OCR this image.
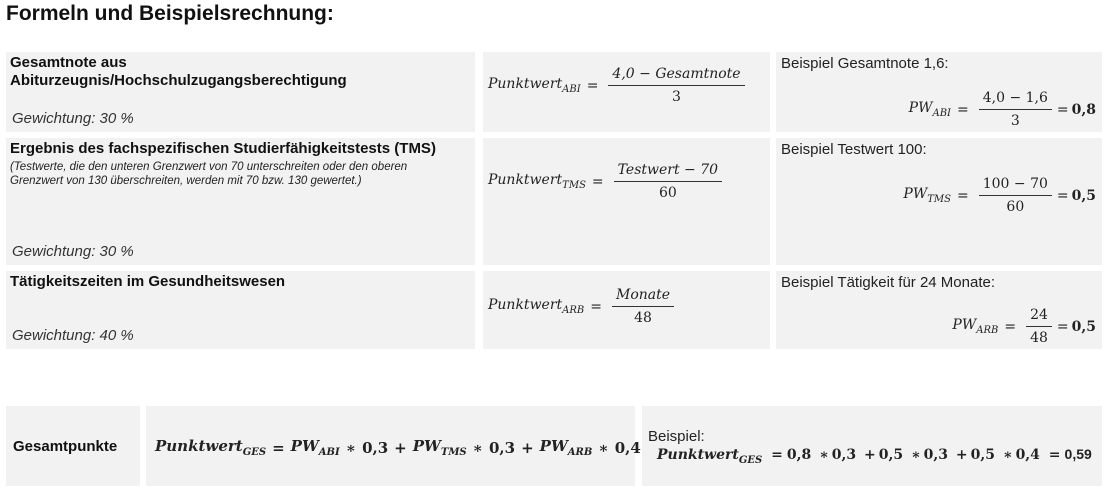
Formeln und Beispielsrechnung:
Gesamtnote aus Abiturzeugnis/Hochschulzugangsberechtigung
Gewichtung: 30 %
Punktwert$_{ABI}$ = $\frac{\text{4,0 − Gesamtnote}}{3}$
Beispiel Gesamtnote 1,6:
$PW_{ABI} = \frac{4,0 - 1,6}{3} = 0,8$
Ergebnis des fachspezifischen Studierfähigkeitstests (TMS)
(Testwerte, die den unteren Grenzwert von 70 unterschreiten oder den oberen Grenzwert von 130 überschreiten, werden mit 70 bzw. 130 gewertet.)
Gewichtung: 30 %
Punktwert$_{TMS}$ = $\frac{\text{Testwert − 70}}{60}$
Beispiel Testwert 100:
$PW_{TMS} = \frac{100 - 70}{60} = 0,5$
Tätigkeitszeiten im Gesundheitswesen
Gewichtung: 40 %
Punktwert$_{ARB}$ = $\frac{\text{Monate}}{48}$
Beispiel Tätigkeit für 24 Monate:
$PW_{ARB} = \frac{24}{48} = 0,5$
Gesamtpunkte	Punktwert$_{GES}$ = $PW_{ABI}$ ∗ $0,3 + PW_{TMS}$ ∗ $0,3 + PW_{ARB}$ ∗ 0,4
Beispiel:
Punktwert$_{GES}$ = 0,8 ∗ 0,3 + 0,5 ∗ 0,3 + 0,5 ∗ 0,4 = 0,59
